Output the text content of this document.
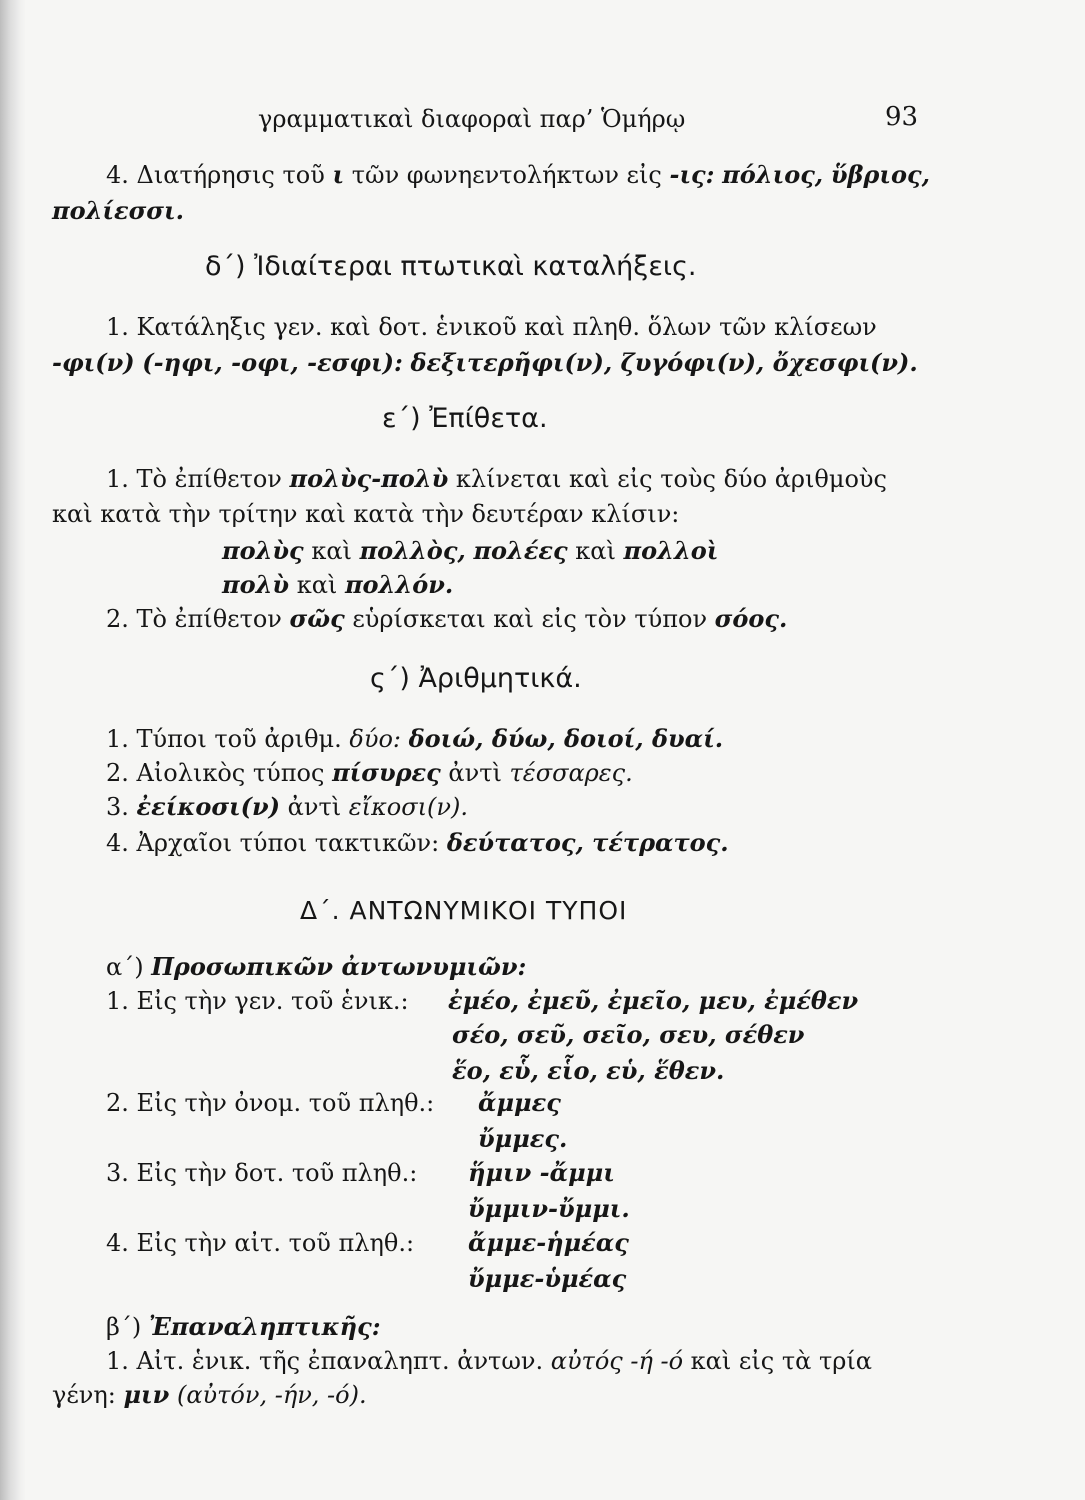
γραμματικαὶ διαφοραὶ παρ’ Ὁμήρῳ	93
4. Διατήρησις τοῦ ι τῶν φωνηεντολήκτων εἰς -ις: πόλιος, ὕβριος,
πολίεσσι.
δ΄) Ἰδιαίτεραι πτωτικαὶ καταλήξεις.
1. Κατάληξις γεν. καὶ δοτ. ἑνικοῦ καὶ πληθ. ὅλων τῶν κλίσεων
-φι(ν) (-ηφι, -οφι, -εσφι): δεξιτερῆφι(ν), ζυγόφι(ν), ὄχεσφι(ν).
ε΄) Ἐπίθετα.
1. Τὸ ἐπίθετον πολὺς-πολὺ κλίνεται καὶ εἰς τοὺς δύο ἀριθμοὺς
καὶ κατὰ τὴν τρίτην καὶ κατὰ τὴν δευτέραν κλίσιν:
πολὺς καὶ πολλὸς, πολέες καὶ πολλοὶ
πολὺ καὶ πολλόν.
2. Τὸ ἐπίθετον σῶς εὑρίσκεται καὶ εἰς τὸν τύπον σόος.
ς΄) Ἀριθμητικά.
1. Τύποι τοῦ ἀριθμ. δύο: δοιώ, δύω, δοιοί, δυαί.
2. Αἰολικὸς τύπος πίσυρες ἀντὶ τέσσαρες.
3. ἐείκοσι(ν) ἀντὶ εἴκοσι(ν).
4. Ἀρχαῖοι τύποι τακτικῶν: δεύτατος, τέτρατος.
Δ΄. ΑΝΤΩΝΥΜΙΚΟΙ ΤΥΠΟΙ
α΄) Προσωπικῶν ἀντωνυμιῶν:
1. Εἰς τὴν γεν. τοῦ ἑνικ.: ἐμέο, ἐμεῦ, ἐμεῖο, μευ, ἐμέθεν
σέο, σεῦ, σεῖο, σευ, σέθεν
ἕο, εὗ, εἷο, εὑ, ἕθεν.
2. Εἰς τὴν ὀνομ. τοῦ πληθ.: ἄμμες
ὔμμες.
3. Εἰς τὴν δοτ. τοῦ πληθ.: ἥμιν -ἄμμι
ὔμμιν-ὔμμι.
4. Εἰς τὴν αἰτ. τοῦ πληθ.: ἄμμε-ἡμέας
ὔμμε-ὑμέας
β΄) Ἐπαναληπτικῆς:
1. Αἰτ. ἑνικ. τῆς ἐπαναληπτ. ἀντων. αὐτός -ή -ό καὶ εἰς τὰ τρία
γένη: μιν (αὐτόν, -ήν, -ό).
